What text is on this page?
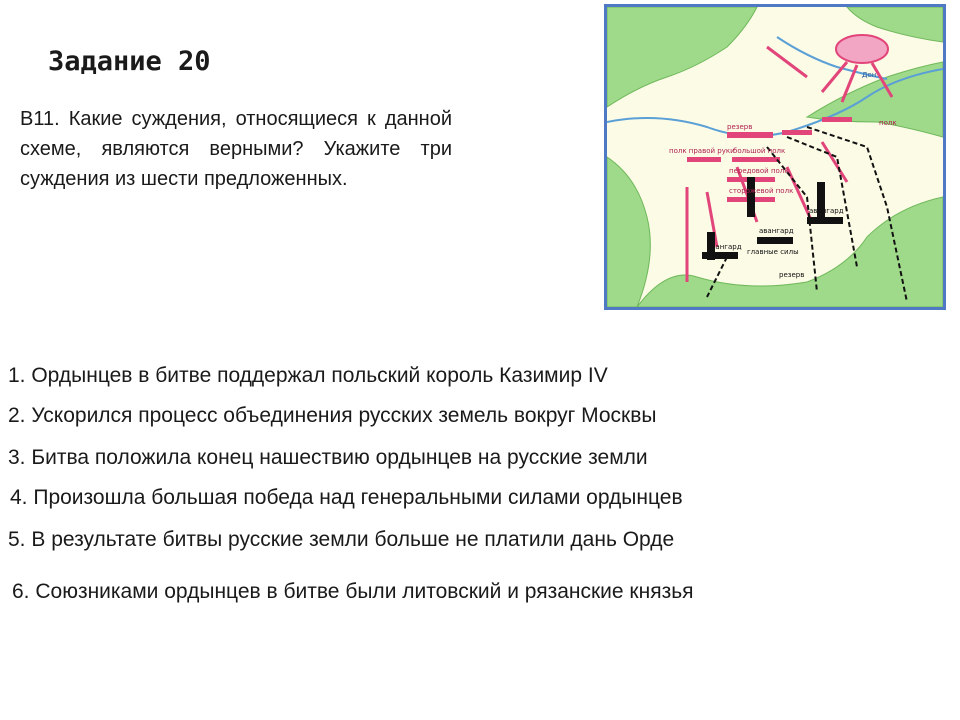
Задание 20

В11. Какие суждения, относящиеся к данной схеме, являются верными? Укажите три суждения из шести предложенных.

Дон
резерв	полк
полк правой руки
большой полк
передовой полк
сторожевой полк
авангард
авангард
авангард
главные силы
резерв

1. Ордынцев в битве поддержал польский король Казимир IV

2. Ускорился процесс объединения русских земель вокруг Москвы

3. Битва положила конец нашествию ордынцев на русские земли

4. Произошла большая победа над генеральными силами ордынцев

5. В результате битвы русские земли больше не платили дань Орде

6. Союзниками ордынцев в битве были литовский и рязанские князья
